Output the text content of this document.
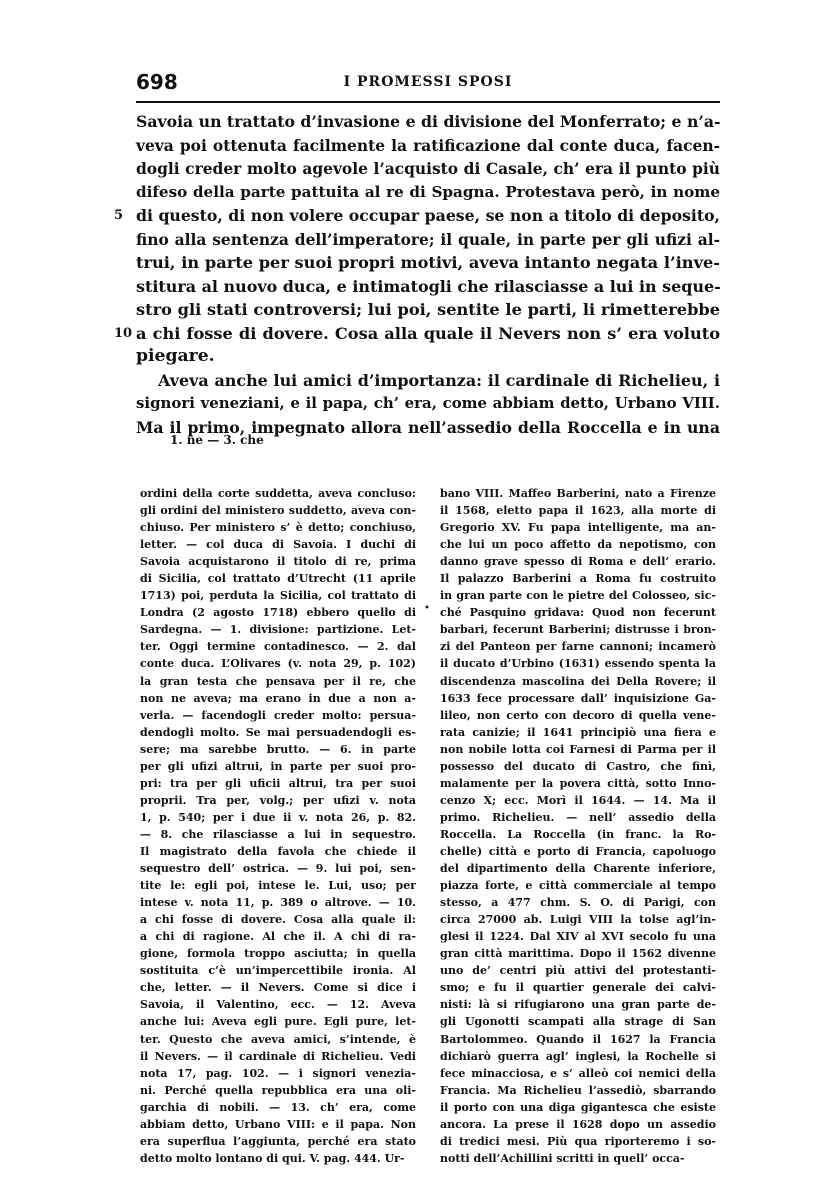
I PROMESSI SPOSI
698
Savoia un trattato d’invasione e di divisione del Monferrato; e n’a-
veva poi ottenuta facilmente la ratificazione dal conte duca, facen-
dogli creder molto agevole l’acquisto di Casale, ch’ era il punto più
difeso della parte pattuita al re di Spagna. Protestava però, in nome
5 di questo, di non volere occupar paese, se non a titolo di deposito,
fino alla sentenza dell’imperatore; il quale, in parte per gli ufizi al-
trui, in parte per suoi propri motivi, aveva intanto negata l’inve-
stitura al nuovo duca, e intimatogli che rilasciasse a lui in seque-
stro gli stati controversi; lui poi, sentite le parti, li rimetterebbe
10 a chi fosse di dovere. Cosa alla quale il Nevers non s’ era voluto
piegare.
Aveva anche lui amici d’importanza: il cardinale di Richelieu, i
signori veneziani, e il papa, ch’ era, come abbiam detto, Urbano VIII.
Ma il primo, impegnato allora nell’assedio della Roccella e in una
1. ne — 3. che
ordini della corte suddetta, aveva concluso:
gli ordini del ministero suddetto, aveva con-
chiuso. Per ministero s’ è detto; conchiuso,
letter. — col duca di Savoia. I duchi di
Savoia acquistarono il titolo di re, prima
di Sicilia, col trattato d’Utrecht (11 aprile
1713) poi, perduta la Sicilia, col trattato di
Londra (2 agosto 1718) ebbero quello di
Sardegna. — 1. divisione: partizione. Let-
ter. Oggi termine contadinesco. — 2. dal
conte duca. L’Olivares (v. nota 29, p. 102)
la gran testa che pensava per il re, che
non ne aveva; ma erano in due a non a-
verla. — facendogli creder molto: persua-
dendogli molto. Se mai persuadendogli es-
sere; ma sarebbe brutto. — 6. in parte
per gli ufizi altrui, in parte per suoi pro-
pri: tra per gli uficii altrui, tra per suoi
proprii. Tra per, volg.; per ufizi v. nota
1, p. 540; per i due ii v. nota 26, p. 82.
— 8. che rilasciasse a lui in sequestro.
Il magistrato della favola che chiede il
sequestro dell’ ostrica. — 9. lui poi, sen-
tite le: egli poi, intese le. Lui, uso; per
intese v. nota 11, p. 389 o altrove. — 10.
a chi fosse di dovere. Cosa alla quale il:
a chi di ragione. Al che il. A chi di ra-
gione, formola troppo asciutta; in quella
sostituita c’è un’impercettibile ironia. Al
che, letter. — il Nevers. Come si dice i
Savoia, il Valentino, ecc. — 12. Aveva
anche lui: Aveva egli pure. Egli pure, let-
ter. Questo che aveva amici, s’intende, è
il Nevers. — il cardinale di Richelieu. Vedi
nota 17, pag. 102. — i signori venezia-
ni. Perché quella repubblica era una oli-
garchia di nobili. — 13. ch’ era, come
abbiam detto, Urbano VIII: e il papa. Non
era superflua l’aggiunta, perché era stato
detto molto lontano di qui. V. pag. 444. Ur-
•
bano VIII. Maffeo Barberini, nato a Firenze
il 1568, eletto papa il 1623, alla morte di
Gregorio XV. Fu papa intelligente, ma an-
che lui un poco affetto da nepotismo, con
danno grave spesso di Roma e dell’ erario.
Il palazzo Barberini a Roma fu costruito
in gran parte con le pietre del Colosseo, sic-
ché Pasquino gridava: Quod non fecerunt
barbari, fecerunt Barberini; distrusse i bron-
zi del Panteon per farne cannoni; incamerò
il ducato d’Urbino (1631) essendo spenta la
discendenza mascolina dei Della Rovere; il
1633 fece processare dall’ inquisizione Ga-
lileo, non certo con decoro di quella vene-
rata canizie; il 1641 principiò una fiera e
non nobile lotta coi Farnesi di Parma per il
possesso del ducato di Castro, che finì,
malamente per la povera città, sotto Inno-
cenzo X; ecc. Morì il 1644. — 14. Ma il
primo. Richelieu. — nell’ assedio della
Roccella. La Roccella (in franc. la Ro-
chelle) città e porto di Francia, capoluogo
del dipartimento della Charente inferiore,
piazza forte, e città commerciale al tempo
stesso, a 477 chm. S. O. di Parigi, con
circa 27000 ab. Luigi VIII la tolse agl’in-
glesi il 1224. Dal XIV al XVI secolo fu una
gran città marittima. Dopo il 1562 divenne
uno de’ centri più attivi del protestanti-
smo; e fu il quartier generale dei calvi-
nisti: là si rifugiarono una gran parte de-
gli Ugonotti scampati alla strage di San
Bartolommeo. Quando il 1627 la Francia
dichiarò guerra agl’ inglesi, la Rochelle si
fece minacciosa, e s’ alleò coi nemici della
Francia. Ma Richelieu l’assediò, sbarrando
il porto con una diga gigantesca che esiste
ancora. La prese il 1628 dopo un assedio
di tredici mesi. Più qua riporteremo i so-
notti dell’Achillini scritti in quell’ occa-
